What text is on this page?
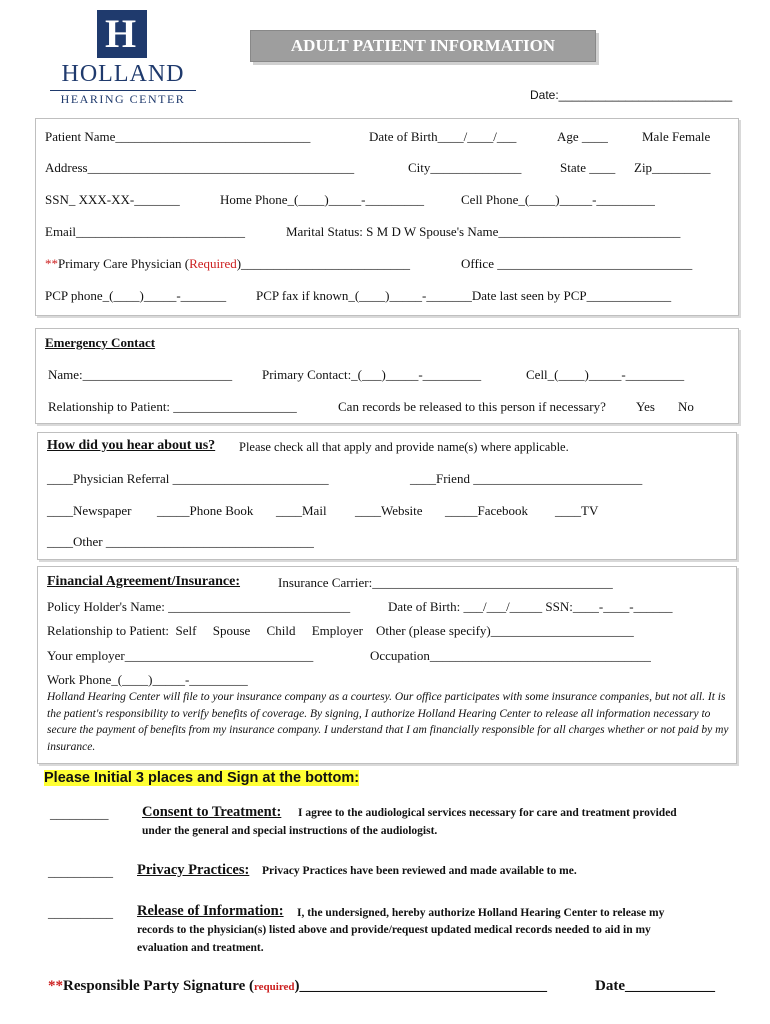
H
HOLLAND
HEARING CENTER
ADULT PATIENT INFORMATION
Date:__________________________
Patient Name______________________________	Date of Birth____/____/___	Age ____	Male Female
Address_________________________________________	City______________	State ____ Zip_________
SSN_ XXX-XX-_______	Home Phone_(____)_____-_________	Cell Phone_(____)_____-_________
Email__________________________	Marital Status: S M D W Spouse's Name____________________________
**Primary Care Physician (Required)__________________________	Office ______________________________
PCP phone_(____)_____-_______ PCP fax if known_(____)_____-_______Date last seen by PCP_____________
Emergency Contact
Name:_______________________ Primary Contact:_(___)_____-_________	Cell_(____)_____-_________
Relationship to Patient: ___________________	Can records be released to this person if necessary? Yes No
How did you hear about us? Please check all that apply and provide name(s) where applicable.
____Physician Referral ________________________	____Friend __________________________
____Newspaper _____Phone Book ____Mail ____Website _____Facebook ____TV
____Other ________________________________
Financial Agreement/Insurance:	Insurance Carrier:_____________________________________
Policy Holder's Name: ____________________________	Date of Birth: ___/___/_____ SSN:____-____-______
Relationship to Patient:  Self     Spouse     Child     Employer    Other (please specify)______________________
Your employer_____________________________	Occupation__________________________________
Work Phone_(____)_____-_________
Holland Hearing Center will file to your insurance company as a courtesy. Our office participates with some insurance companies, but not all. It is the patient's responsibility to verify benefits of coverage. By signing, I authorize Holland Hearing Center to release all information necessary to secure the payment of benefits from my insurance company. I understand that I am financially responsible for all charges whether or not paid by my insurance.
Please Initial 3 places and Sign at the bottom:
_________ Consent to Treatment: I agree to the audiological services necessary for care and treatment provided
under the general and special instructions of the audiologist.
__________ Privacy Practices: Privacy Practices have been reviewed and made available to me.
__________ Release of Information: I, the undersigned, hereby authorize Holland Hearing Center to release my
records to the physician(s) listed above and provide/request updated medical records needed to aid in my
evaluation and treatment.
**Responsible Party Signature (required)_________________________________	Date____________
